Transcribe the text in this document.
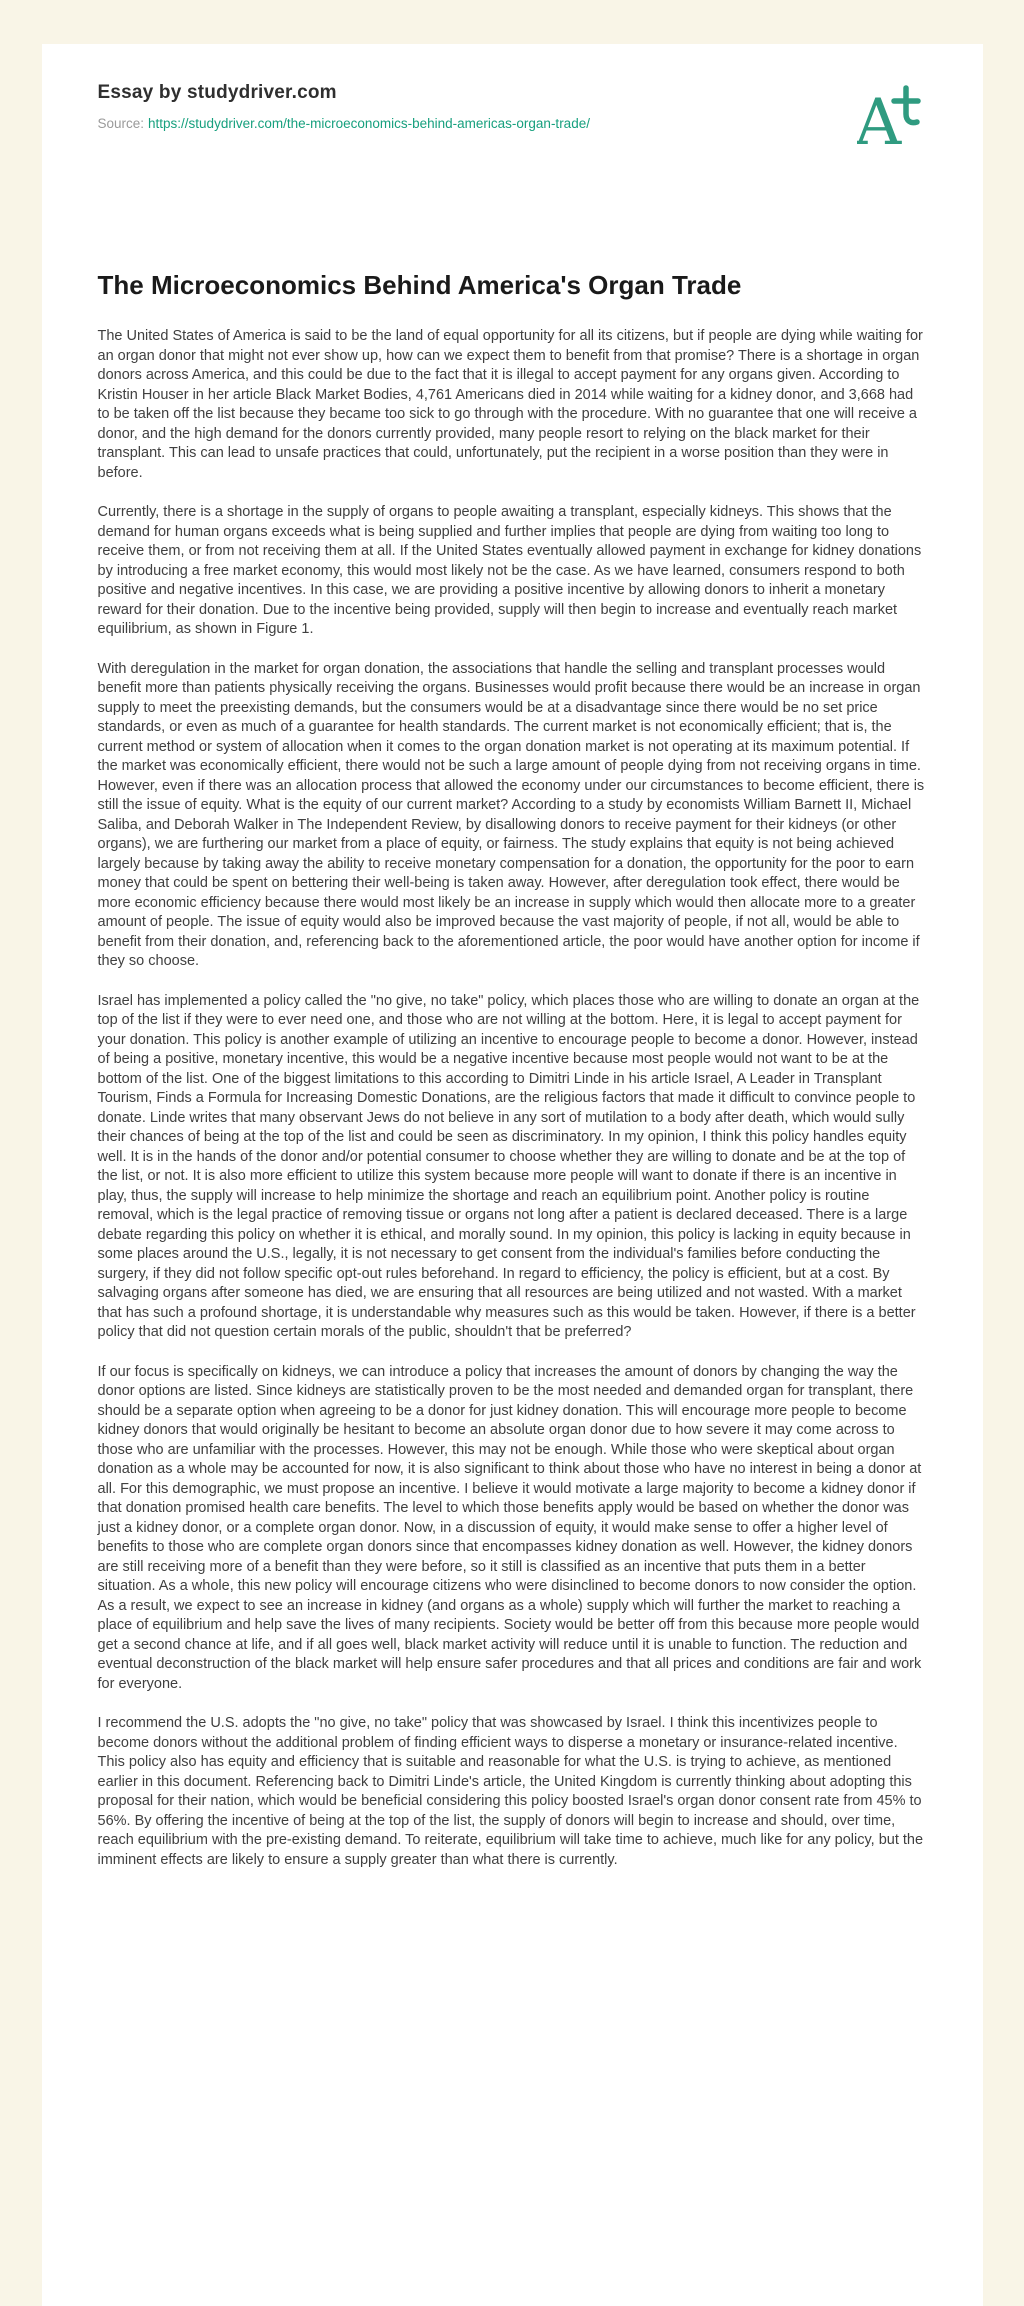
Essay by studydriver.com
Source: https://studydriver.com/the-microeconomics-behind-americas-organ-trade/	A
The Microeconomics Behind America's Organ Trade

The United States of America is said to be the land of equal opportunity for all its citizens, but if people are dying while waiting for an organ donor that might not ever show up, how can we expect them to benefit from that promise? There is a shortage in organ donors across America, and this could be due to the fact that it is illegal to accept payment for any organs given. According to Kristin Houser in her article Black Market Bodies, 4,761 Americans died in 2014 while waiting for a kidney donor, and 3,668 had to be taken off the list because they became too sick to go through with the procedure. With no guarantee that one will receive a donor, and the high demand for the donors currently provided, many people resort to relying on the black market for their transplant. This can lead to unsafe practices that could, unfortunately, put the recipient in a worse position than they were in before.

Currently, there is a shortage in the supply of organs to people awaiting a transplant, especially kidneys. This shows that the demand for human organs exceeds what is being supplied and further implies that people are dying from waiting too long to receive them, or from not receiving them at all. If the United States eventually allowed payment in exchange for kidney donations by introducing a free market economy, this would most likely not be the case. As we have learned, consumers respond to both positive and negative incentives. In this case, we are providing a positive incentive by allowing donors to inherit a monetary reward for their donation. Due to the incentive being provided, supply will then begin to increase and eventually reach market equilibrium, as shown in Figure 1.

With deregulation in the market for organ donation, the associations that handle the selling and transplant processes would benefit more than patients physically receiving the organs. Businesses would profit because there would be an increase in organ supply to meet the preexisting demands, but the consumers would be at a disadvantage since there would be no set price standards, or even as much of a guarantee for health standards. The current market is not economically efficient; that is, the current method or system of allocation when it comes to the organ donation market is not operating at its maximum potential. If the market was economically efficient, there would not be such a large amount of people dying from not receiving organs in time. However, even if there was an allocation process that allowed the economy under our circumstances to become efficient, there is still the issue of equity. What is the equity of our current market? According to a study by economists William Barnett II, Michael Saliba, and Deborah Walker in The Independent Review, by disallowing donors to receive payment for their kidneys (or other organs), we are furthering our market from a place of equity, or fairness. The study explains that equity is not being achieved largely because by taking away the ability to receive monetary compensation for a donation, the opportunity for the poor to earn money that could be spent on bettering their well-being is taken away. However, after deregulation took effect, there would be more economic efficiency because there would most likely be an increase in supply which would then allocate more to a greater amount of people. The issue of equity would also be improved because the vast majority of people, if not all, would be able to benefit from their donation, and, referencing back to the aforementioned article, the poor would have another option for income if they so choose.

Israel has implemented a policy called the "no give, no take" policy, which places those who are willing to donate an organ at the top of the list if they were to ever need one, and those who are not willing at the bottom. Here, it is legal to accept payment for your donation. This policy is another example of utilizing an incentive to encourage people to become a donor. However, instead of being a positive, monetary incentive, this would be a negative incentive because most people would not want to be at the bottom of the list. One of the biggest limitations to this according to Dimitri Linde in his article Israel, A Leader in Transplant Tourism, Finds a Formula for Increasing Domestic Donations, are the religious factors that made it difficult to convince people to donate. Linde writes that many observant Jews do not believe in any sort of mutilation to a body after death, which would sully their chances of being at the top of the list and could be seen as discriminatory. In my opinion, I think this policy handles equity well. It is in the hands of the donor and/or potential consumer to choose whether they are willing to donate and be at the top of the list, or not. It is also more efficient to utilize this system because more people will want to donate if there is an incentive in play, thus, the supply will increase to help minimize the shortage and reach an equilibrium point. Another policy is routine removal, which is the legal practice of removing tissue or organs not long after a patient is declared deceased. There is a large debate regarding this policy on whether it is ethical, and morally sound. In my opinion, this policy is lacking in equity because in some places around the U.S., legally, it is not necessary to get consent from the individual's families before conducting the surgery, if they did not follow specific opt-out rules beforehand. In regard to efficiency, the policy is efficient, but at a cost. By salvaging organs after someone has died, we are ensuring that all resources are being utilized and not wasted. With a market that has such a profound shortage, it is understandable why measures such as this would be taken. However, if there is a better policy that did not question certain morals of the public, shouldn't that be preferred?

If our focus is specifically on kidneys, we can introduce a policy that increases the amount of donors by changing the way the donor options are listed. Since kidneys are statistically proven to be the most needed and demanded organ for transplant, there should be a separate option when agreeing to be a donor for just kidney donation. This will encourage more people to become kidney donors that would originally be hesitant to become an absolute organ donor due to how severe it may come across to those who are unfamiliar with the processes. However, this may not be enough. While those who were skeptical about organ donation as a whole may be accounted for now, it is also significant to think about those who have no interest in being a donor at all. For this demographic, we must propose an incentive. I believe it would motivate a large majority to become a kidney donor if that donation promised health care benefits. The level to which those benefits apply would be based on whether the donor was just a kidney donor, or a complete organ donor. Now, in a discussion of equity, it would make sense to offer a higher level of benefits to those who are complete organ donors since that encompasses kidney donation as well. However, the kidney donors are still receiving more of a benefit than they were before, so it still is classified as an incentive that puts them in a better situation. As a whole, this new policy will encourage citizens who were disinclined to become donors to now consider the option. As a result, we expect to see an increase in kidney (and organs as a whole) supply which will further the market to reaching a place of equilibrium and help save the lives of many recipients. Society would be better off from this because more people would get a second chance at life, and if all goes well, black market activity will reduce until it is unable to function. The reduction and eventual deconstruction of the black market will help ensure safer procedures and that all prices and conditions are fair and work for everyone.

I recommend the U.S. adopts the "no give, no take" policy that was showcased by Israel. I think this incentivizes people to become donors without the additional problem of finding efficient ways to disperse a monetary or insurance-related incentive. This policy also has equity and efficiency that is suitable and reasonable for what the U.S. is trying to achieve, as mentioned earlier in this document. Referencing back to Dimitri Linde's article, the United Kingdom is currently thinking about adopting this proposal for their nation, which would be beneficial considering this policy boosted Israel's organ donor consent rate from 45% to 56%. By offering the incentive of being at the top of the list, the supply of donors will begin to increase and should, over time, reach equilibrium with the pre-existing demand. To reiterate, equilibrium will take time to achieve, much like for any policy, but the imminent effects are likely to ensure a supply greater than what there is currently.
